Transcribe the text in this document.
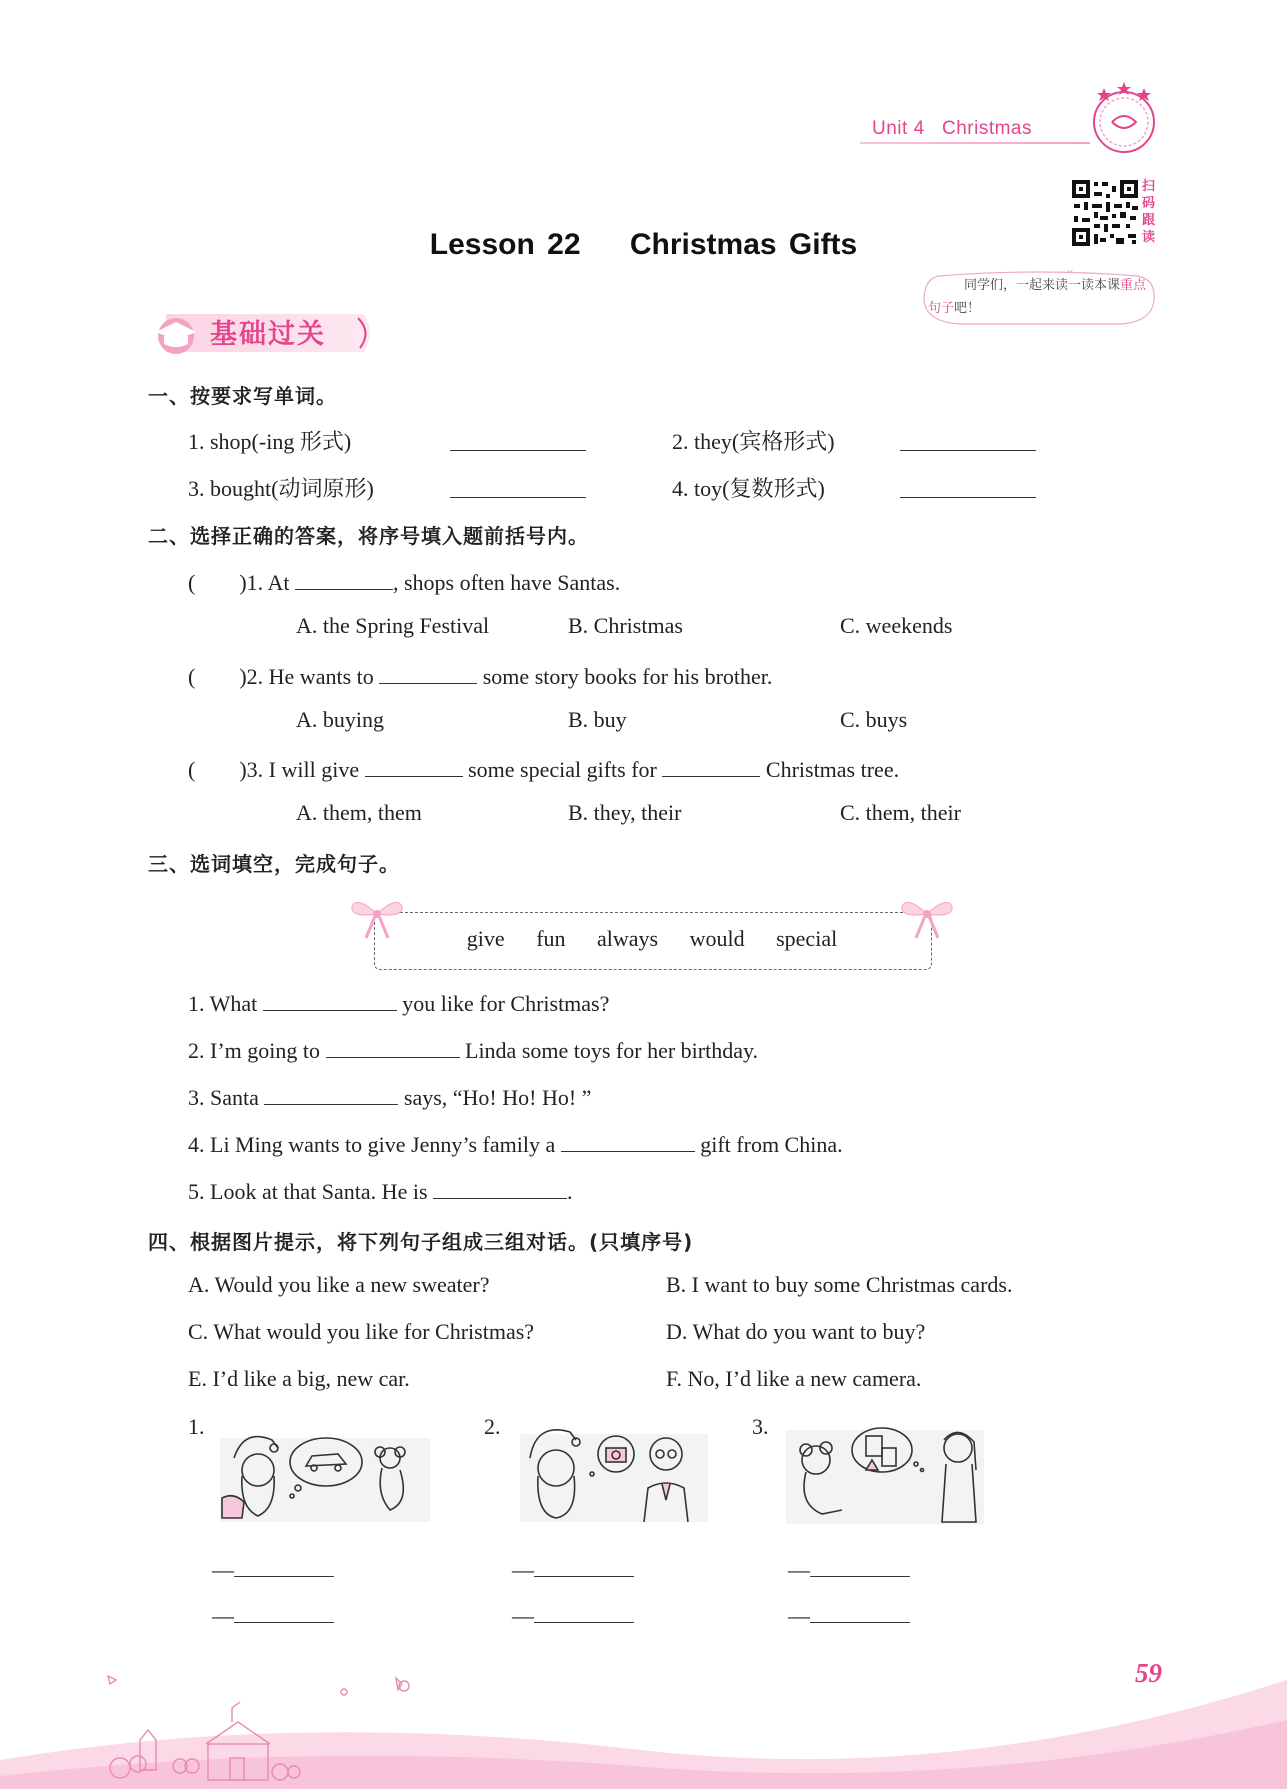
Unit 4 Christmas
扫码跟读
同学们，一起来读一读本课重点句子吧！
Lesson 22    Christmas Gifts
基础过关
一、按要求写单词。
1. shop(-ing 形式)	2. they(宾格形式)
3. bought(动词原形)	4. toy(复数形式)
二、选择正确的答案，将序号填入题前括号内。
(　　)1. At	, shops often have Santas.
A. the Spring Festival	B. Christmas	C. weekends
(　　)2. He wants to	some story books for his brother.
A. buying	B. buy	C. buys
(　　)3. I will give	some special gifts for	Christmas tree.
A. them, them	B. they, their	C. them, their
三、选词填空，完成句子。
give fun always would special
1. What	you like for Christmas?
2. I’m going to	Linda some toys for her birthday.
3. Santa	says, “Ho! Ho! Ho! ”
4. Li Ming wants to give Jenny’s family a	gift from China.
5. Look at that Santa. He is	.
四、根据图片提示，将下列句子组成三组对话。(只填序号)
A. Would you like a new sweater?	B. I want to buy some Christmas cards.
C. What would you like for Christmas?	D. What do you want to buy?
E. I’d like a big, new car.	F. No, I’d like a new camera.
1.	2.	3.
—
—
—
—
—
—
59
